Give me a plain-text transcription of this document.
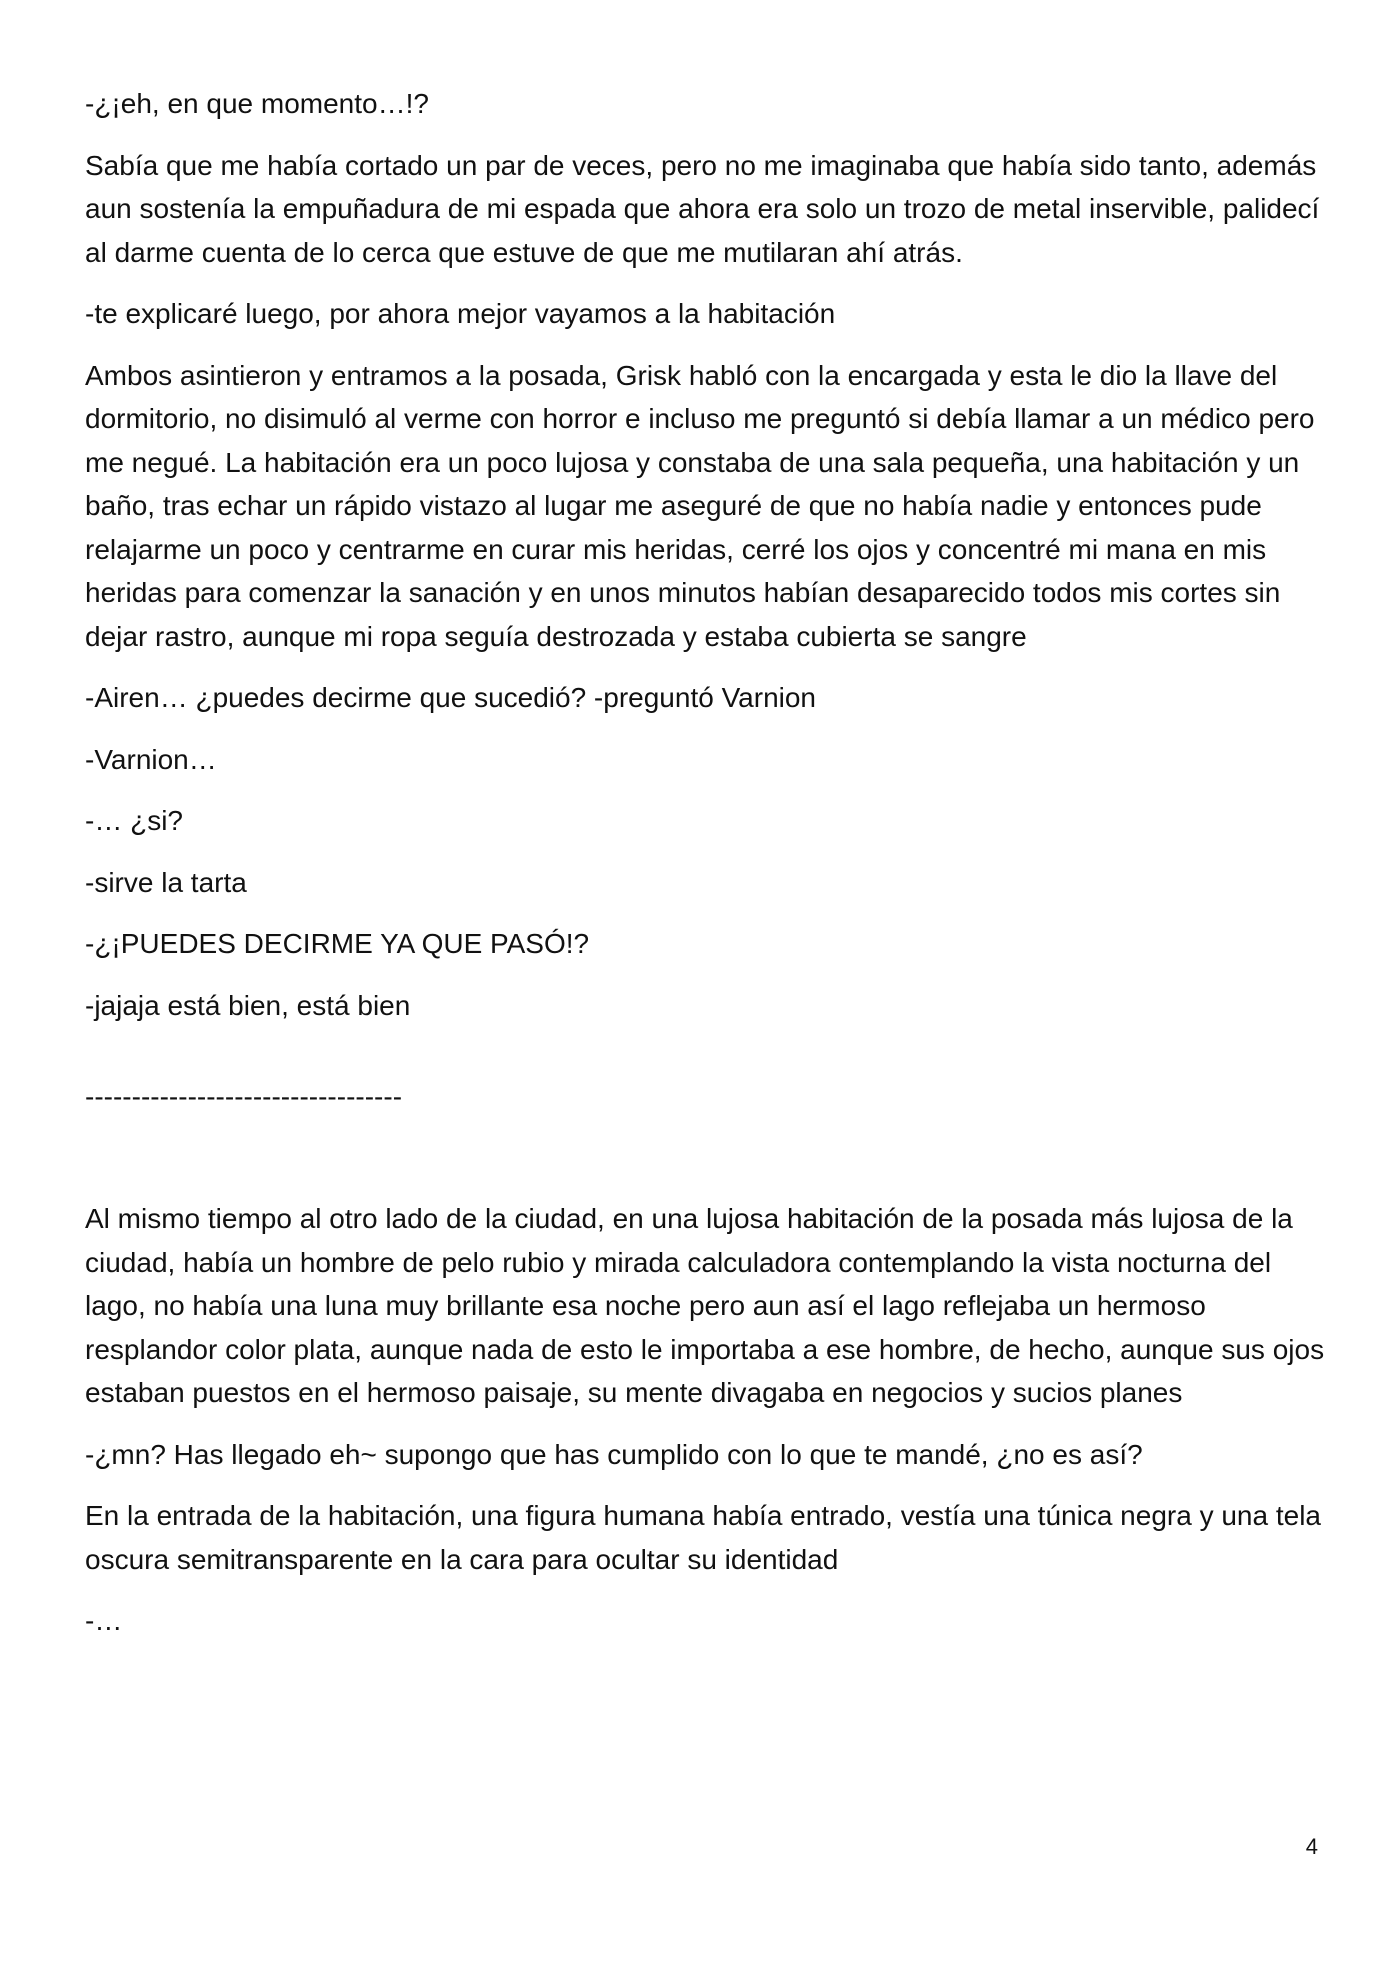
-¿¡eh, en que momento…!?

Sabía que me había cortado un par de veces, pero no me imaginaba que había sido tanto, además aun sostenía la empuñadura de mi espada que ahora era solo un trozo de metal inservible, palidecí al darme cuenta de lo cerca que estuve de que me mutilaran ahí atrás.

-te explicaré luego, por ahora mejor vayamos a la habitación

Ambos asintieron y entramos a la posada, Grisk habló con la encargada y esta le dio la llave del dormitorio, no disimuló al verme con horror e incluso me preguntó si debía llamar a un médico pero me negué. La habitación era un poco lujosa y constaba de una sala pequeña, una habitación y un baño, tras echar un rápido vistazo al lugar me aseguré de que no había nadie y entonces pude relajarme un poco y centrarme en curar mis heridas, cerré los ojos y concentré mi mana en mis heridas para comenzar la sanación y en unos minutos habían desaparecido todos mis cortes sin dejar rastro, aunque mi ropa seguía destrozada y estaba cubierta se sangre

-Airen… ¿puedes decirme que sucedió? -preguntó Varnion

-Varnion…

-… ¿si?

-sirve la tarta

-¿¡PUEDES DECIRME YA QUE PASÓ!?

-jajaja está bien, está bien

----------------------------------

Al mismo tiempo al otro lado de la ciudad, en una lujosa habitación de la posada más lujosa de la ciudad, había un hombre de pelo rubio y mirada calculadora contemplando la vista nocturna del lago, no había una luna muy brillante esa noche pero aun así el lago reflejaba un hermoso resplandor color plata, aunque nada de esto le importaba a ese hombre, de hecho, aunque sus ojos estaban puestos en el hermoso paisaje, su mente divagaba en negocios y sucios planes

-¿mn? Has llegado eh~ supongo que has cumplido con lo que te mandé, ¿no es así?

En la entrada de la habitación, una figura humana había entrado, vestía una túnica negra y una tela oscura semitransparente en la cara para ocultar su identidad

-…

4
